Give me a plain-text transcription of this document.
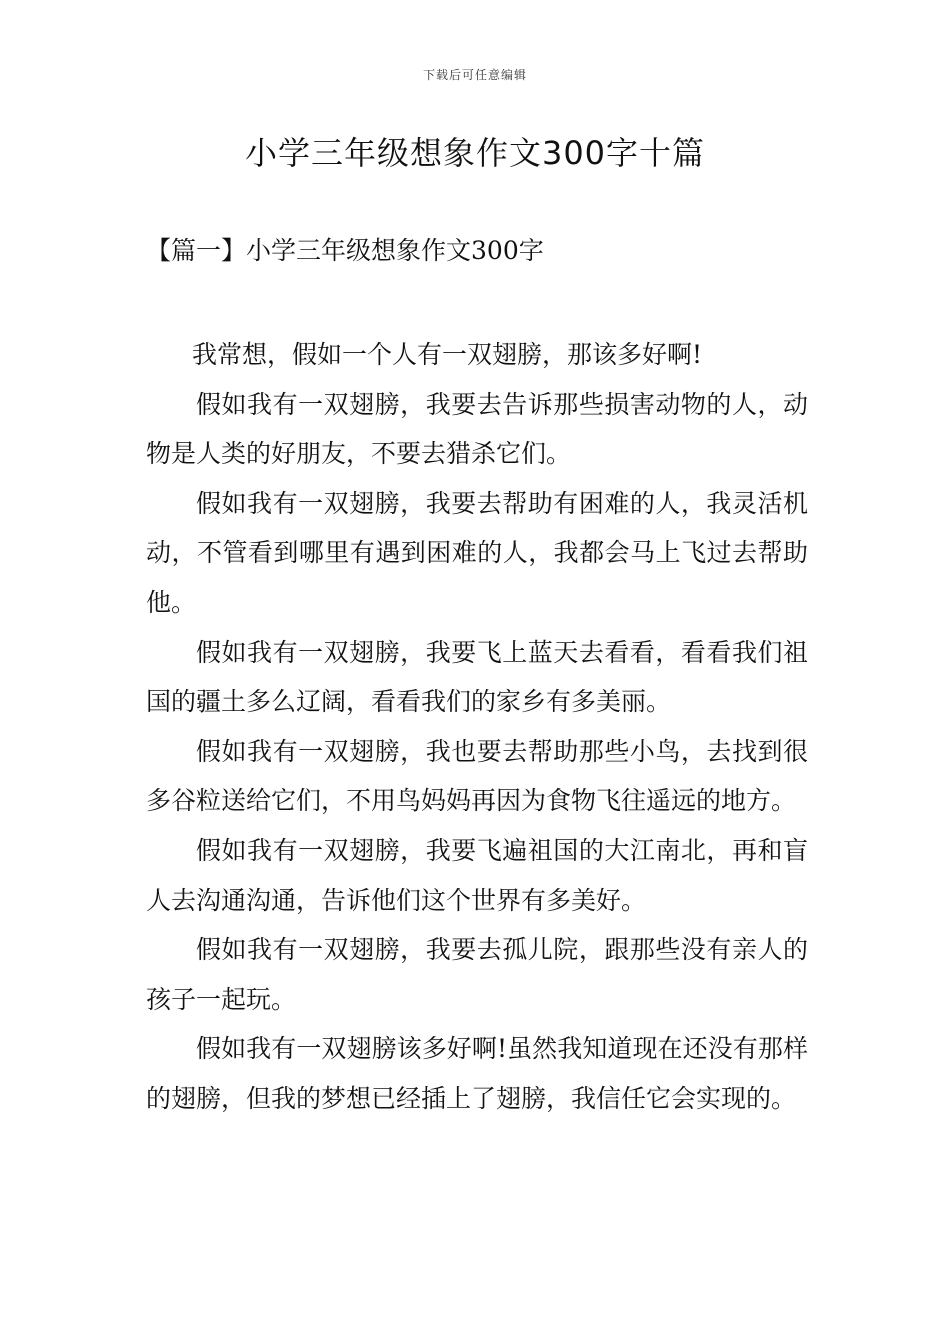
下载后可任意编辑
小学三年级想象作文300字十篇
【篇一】小学三年级想象作文300字

我常想，假如一个人有一双翅膀，那该多好啊!

假如我有一双翅膀，我要去告诉那些损害动物的人，动物是人类的好朋友，不要去猎杀它们。

假如我有一双翅膀，我要去帮助有困难的人，我灵活机动，不管看到哪里有遇到困难的人，我都会马上飞过去帮助他。

假如我有一双翅膀，我要飞上蓝天去看看，看看我们祖国的疆土多么辽阔，看看我们的家乡有多美丽。

假如我有一双翅膀，我也要去帮助那些小鸟，去找到很多谷粒送给它们，不用鸟妈妈再因为食物飞往遥远的地方。

假如我有一双翅膀，我要飞遍祖国的大江南北，再和盲人去沟通沟通，告诉他们这个世界有多美好。

假如我有一双翅膀，我要去孤儿院，跟那些没有亲人的孩子一起玩。

假如我有一双翅膀该多好啊!虽然我知道现在还没有那样的翅膀，但我的梦想已经插上了翅膀，我信任它会实现的。
